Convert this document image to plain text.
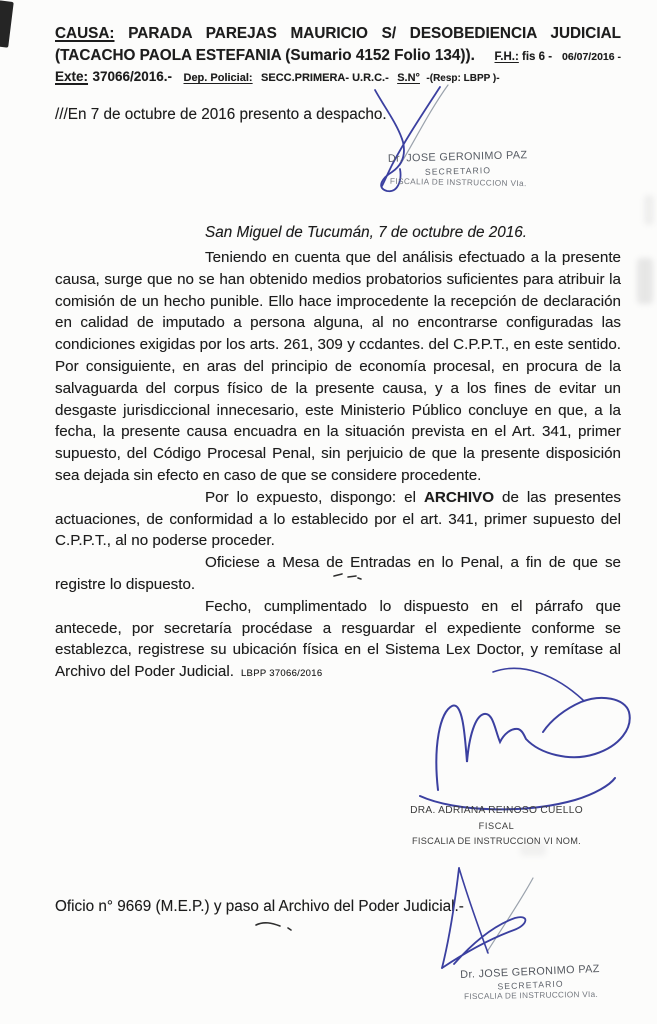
CAUSA: PARADA PAREJAS MAURICIO S/ DESOBEDIENCIA JUDICIAL
(TACACHO PAOLA ESTEFANIA (Sumario 4152 Folio 134)). F.H.: fis 6 - 06/07/2016 -
Exte: 37066/2016.- Dep. Policial: SECC.PRIMERA- U.R.C.- S.N° -(Resp: LBPP )-
///En 7 de octubre de 2016 presento a despacho.
Dr. JOSE GERONIMO PAZ
SECRETARIO
FISCALIA DE INSTRUCCION VIa.
San Miguel de Tucumán, 7 de octubre de 2016.

Teniendo en cuenta que del análisis efectuado a la presente causa, surge que no se han obtenido medios probatorios suficientes para atribuir la comisión de un hecho punible. Ello hace improcedente la recepción de declaración en calidad de imputado a persona alguna, al no encontrarse configuradas las condiciones exigidas por los arts. 261, 309 y ccdantes. del C.P.P.T., en este sentido. Por consiguiente, en aras del principio de economía procesal, en procura de la salvaguarda del corpus físico de la presente causa, y a los fines de evitar un desgaste jurisdiccional innecesario, este Ministerio Público concluye en que, a la fecha, la presente causa encuadra en la situación prevista en el Art. 341, primer supuesto, del Código Procesal Penal, sin perjuicio de que la presente disposición sea dejada sin efecto en caso de que se considere procedente.

Por lo expuesto, dispongo: el ARCHIVO de las presentes actuaciones, de conformidad a lo establecido por el art. 341, primer supuesto del C.P.P.T., al no poderse proceder.

Oficiese a Mesa de Entradas en lo Penal, a fin de que se registre lo dispuesto.

Fecho, cumplimentado lo dispuesto en el párrafo que antecede, por secretaría procédase a resguardar el expediente conforme se establezca, registrese su ubicación física en el Sistema Lex Doctor, y remítase al Archivo del Poder Judicial. LBPP 37066/2016

DRA. ADRIANA REINOSO CUELLO
FISCAL
FISCALIA DE INSTRUCCION VI NOM.
Oficio n° 9669 (M.E.P.) y paso al Archivo del Poder Judicial.-
Dr. JOSE GERONIMO PAZ
SECRETARIO
FISCALIA DE INSTRUCCION VIa.
